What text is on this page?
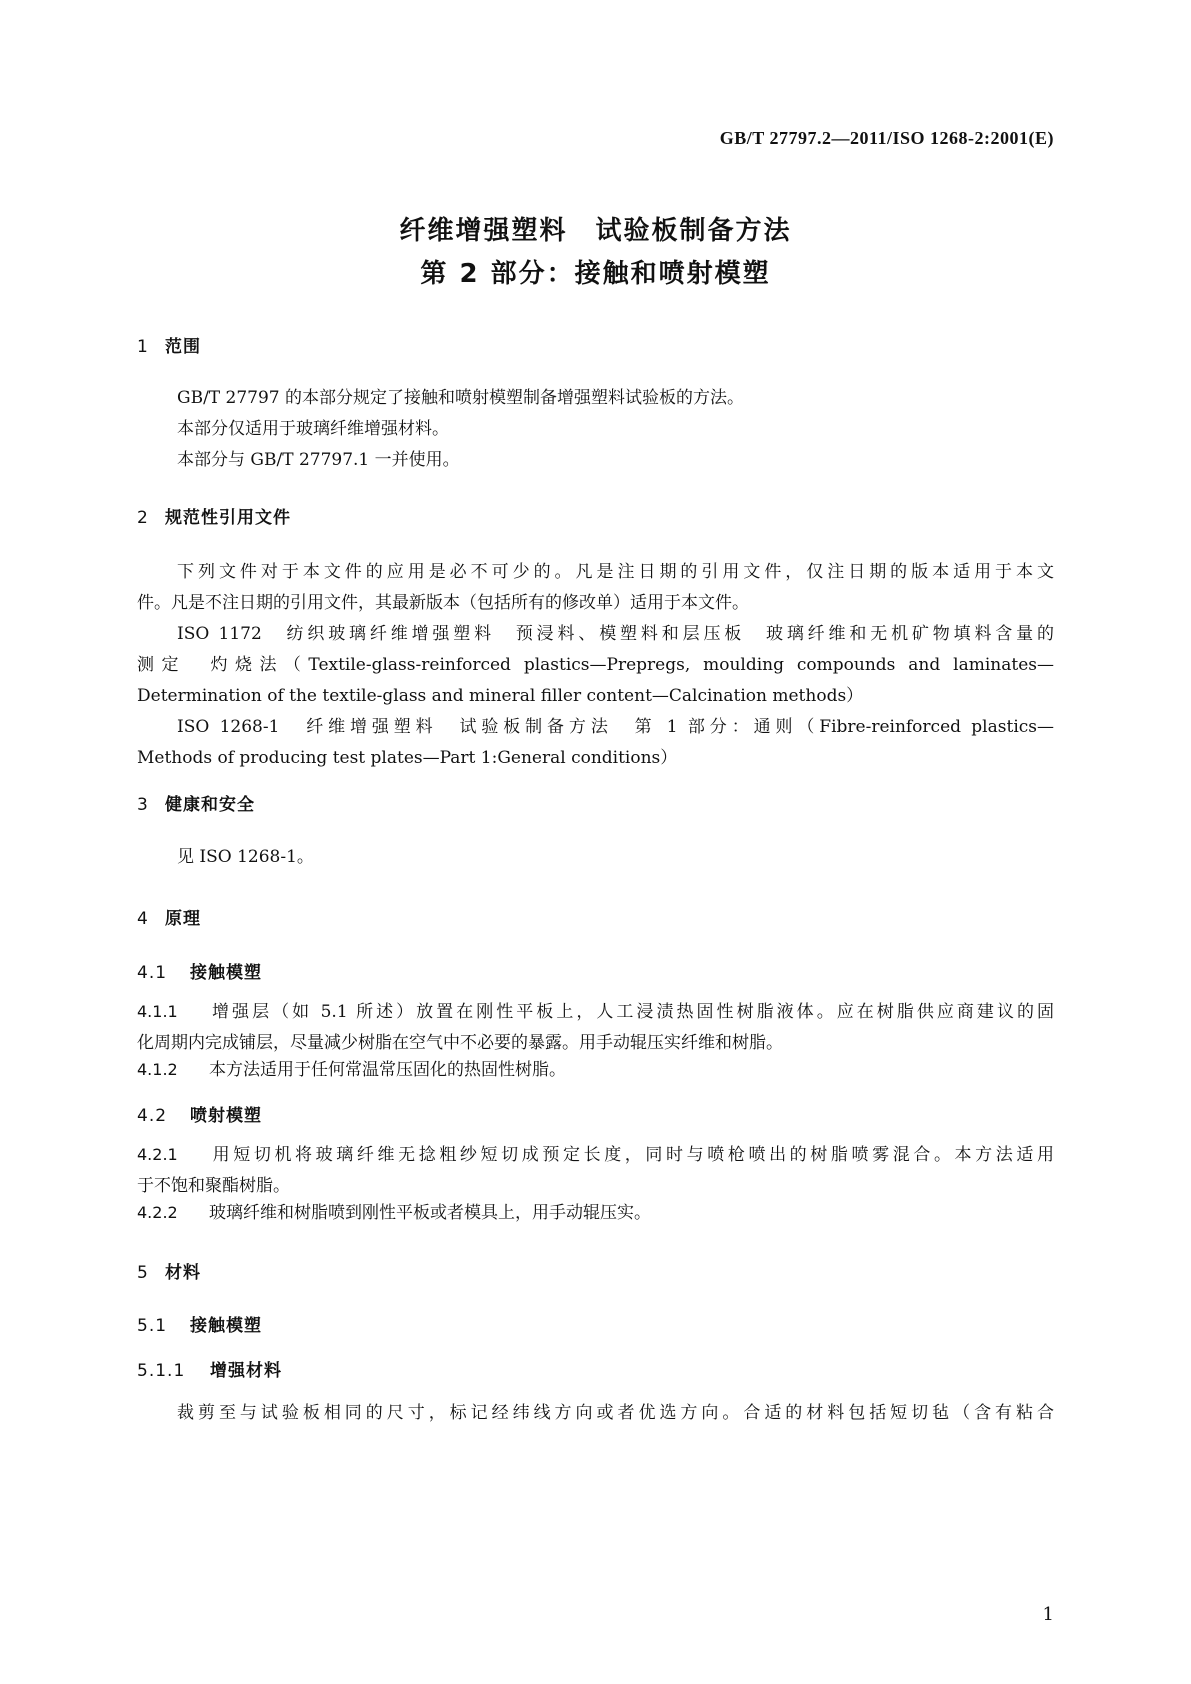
GB/T 27797.2—2011/ISO 1268-2:2001(E)
纤维增强塑料　试验板制备方法
第 2 部分：接触和喷射模塑
1 范围

GB/T 27797 的本部分规定了接触和喷射模塑制备增强塑料试验板的方法。

本部分仅适用于玻璃纤维增强材料。

本部分与 GB/T 27797.1 一并使用。

2 规范性引用文件

下列文件对于本文件的应用是必不可少的。凡是注日期的引用文件，仅注日期的版本适用于本文

件。凡是不注日期的引用文件，其最新版本（包括所有的修改单）适用于本文件。

ISO 1172　纺织玻璃纤维增强塑料　预浸料、模塑料和层压板　玻璃纤维和无机矿物填料含量的

测定　灼烧法（Textile-glass-reinforced plastics—Prepregs, moulding compounds and laminates—

Determination of the textile-glass and mineral filler content—Calcination methods）

ISO 1268-1　纤维增强塑料　试验板制备方法　第 1 部分：通则（Fibre-reinforced plastics—

Methods of producing test plates—Part 1:General conditions）

3 健康和安全

见 ISO 1268-1。

4 原理
4.1 接触模塑

4.1.1 增强层（如 5.1 所述）放置在刚性平板上，人工浸渍热固性树脂液体。应在树脂供应商建议的固

化周期内完成铺层，尽量减少树脂在空气中不必要的暴露。用手动辊压实纤维和树脂。

4.1.2 本方法适用于任何常温常压固化的热固性树脂。

4.2 喷射模塑

4.2.1 用短切机将玻璃纤维无捻粗纱短切成预定长度，同时与喷枪喷出的树脂喷雾混合。本方法适用

于不饱和聚酯树脂。

4.2.2 玻璃纤维和树脂喷到刚性平板或者模具上，用手动辊压实。

5 材料
5.1 接触模塑
5.1.1 增强材料

裁剪至与试验板相同的尺寸，标记经纬线方向或者优选方向。合适的材料包括短切毡（含有粘合

1
